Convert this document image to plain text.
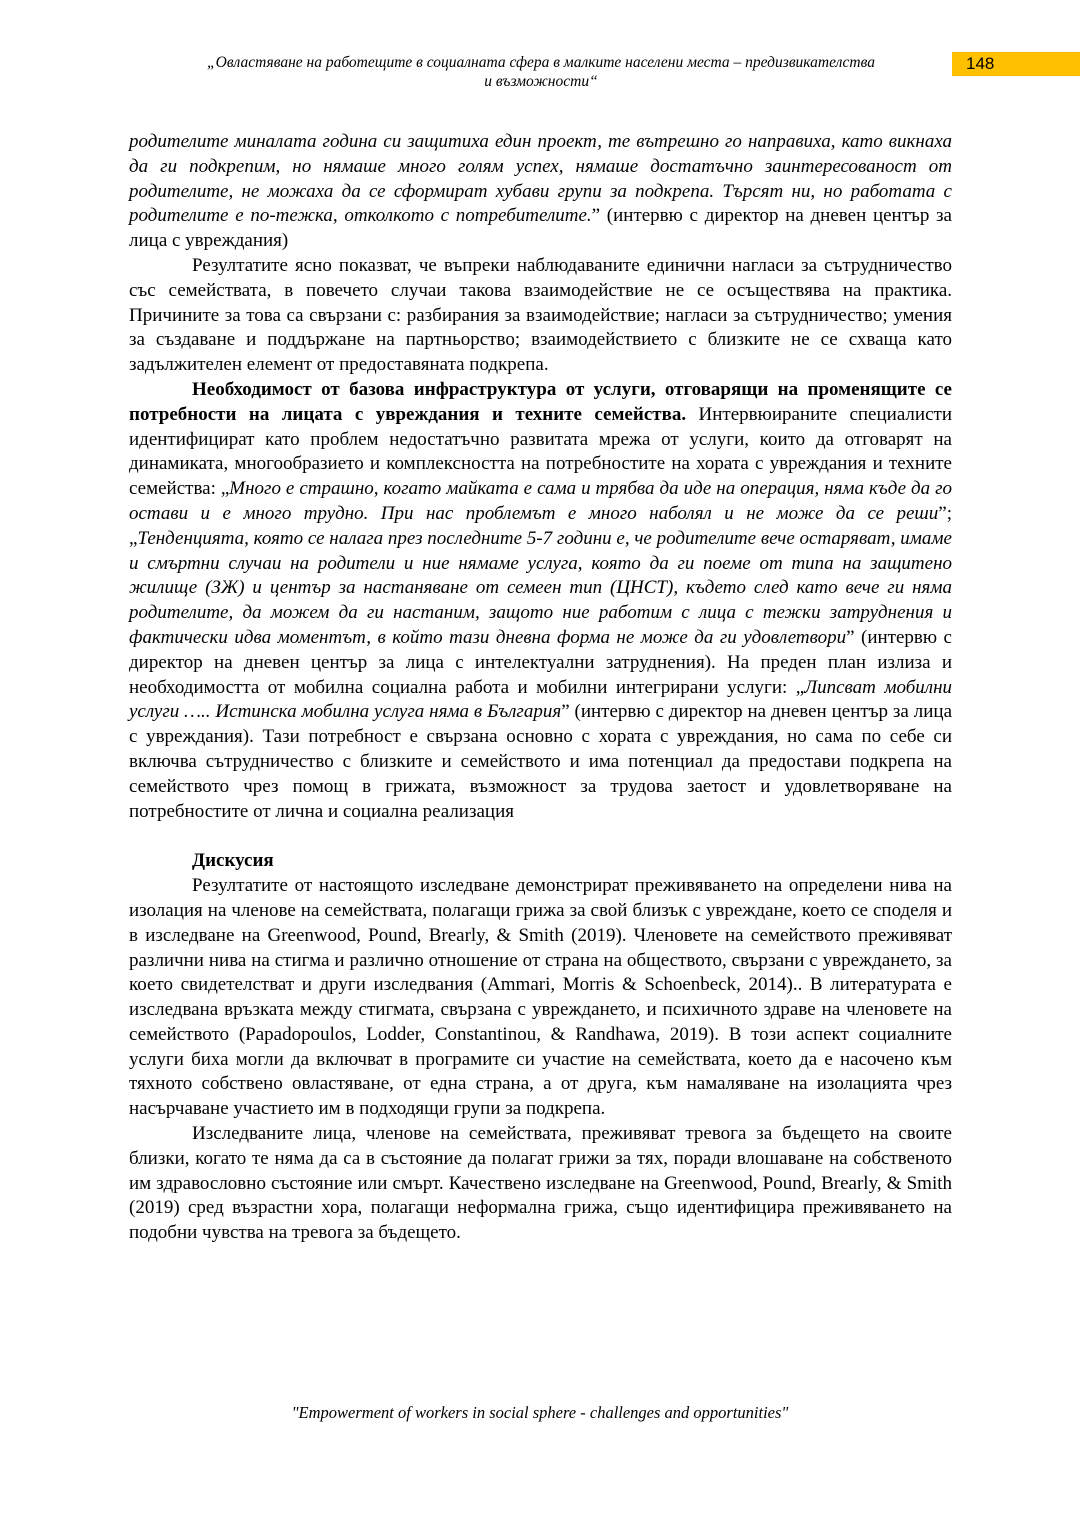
„Овластяване на работещите в социалната сфера в малките населени места – предизвикателства
и възможности“
148

родителите миналата година си защитиха един проект, те вътрешно го направиха, като викнаха да ги подкрепим, но нямаше много голям успех, нямаше достатъчно заинтересованост от родителите, не можаха да се сформират хубави групи за подкрепа. Търсят ни, но работата с родителите е по-тежка, отколкото с потребителите.” (интервю с директор на дневен център за лица с увреждания)

Резултатите ясно показват, че въпреки наблюдаваните единични нагласи за сътрудничество със семействата, в повечето случаи такова взаимодействие не се осъществява на практика. Причините за това са свързани с: разбирания за взаимодействие; нагласи за сътрудничество; умения за създаване и поддържане на партньорство; взаимодействието с близките не се схваща като задължителен елемент от предоставяната подкрепа.

Необходимост от базова инфраструктура от услуги, отговарящи на променящите се потребности на лицата с увреждания и техните семейства. Интервюираните специалисти идентифицират като проблем недостатъчно развитата мрежа от услуги, които да отговарят на динамиката, многообразието и комплексността на потребностите на хората с увреждания и техните семейства: „Много е страшно, когато майката е сама и трябва да иде на операция, няма къде да го остави и е много трудно. При нас проблемът е много наболял и не може да се реши”; „Тенденцията, която се налага през последните 5-7 години е, че родителите вече остаряват, имаме и смъртни случаи на родители и ние нямаме услуга, която да ги поеме от типа на защитено жилище (ЗЖ) и център за настаняване от семеен тип (ЦНСТ), където след като вече ги няма родителите, да можем да ги настаним, защото ние работим с лица с тежки затруднения и фактически идва моментът, в който тази дневна форма не може да ги удовлетвори” (интервю с директор на дневен център за лица с интелектуални затруднения). На преден план излиза и необходимостта от мобилна социална работа и мобилни интегрирани услуги: „Липсват мобилни услуги ….. Истинска мобилна услуга няма в България” (интервю с директор на дневен център за лица с увреждания). Тази потребност е свързана основно с хората с увреждания, но сама по себе си включва сътрудничество с близките и семейството и има потенциал да предостави подкрепа на семейството чрез помощ в грижата, възможност за трудова заетост и удовлетворяване на потребностите от лична и социална реализация

Дискусия

Резултатите от настоящото изследване демонстрират преживяването на определени нива на изолация на членове на семействата, полагащи грижа за свой близък с увреждане, което се споделя и в изследване на Greenwood, Pound, Brearly, & Smith (2019). Членовете на семейството преживяват различни нива на стигма и различно отношение от страна на обществото, свързани с увреждането, за което свидетелстват и други изследвания (Ammari, Morris & Schoenbeck, 2014).. В литературата е изследвана връзката между стигмата, свързана с увреждането, и психичното здраве на членовете на семейството (Papadopoulos, Lodder, Constantinou, & Randhawa, 2019). В този аспект социалните услуги биха могли да включват в програмите си участие на семействата, което да е насочено към тяхното собствено овластяване, от една страна, а от друга, към намаляване на изолацията чрез насърчаване участието им в подходящи групи за подкрепа.

Изследваните лица, членове на семействата, преживяват тревога за бъдещето на своите близки, когато те няма да са в състояние да полагат грижи за тях, поради влошаване на собственото им здравословно състояние или смърт. Качествено изследване на Greenwood, Pound, Brearly, & Smith (2019) сред възрастни хора, полагащи неформална грижа, също идентифицира преживяването на подобни чувства на тревога за бъдещето.

"Empowerment of workers in social sphere - challenges and opportunities"
